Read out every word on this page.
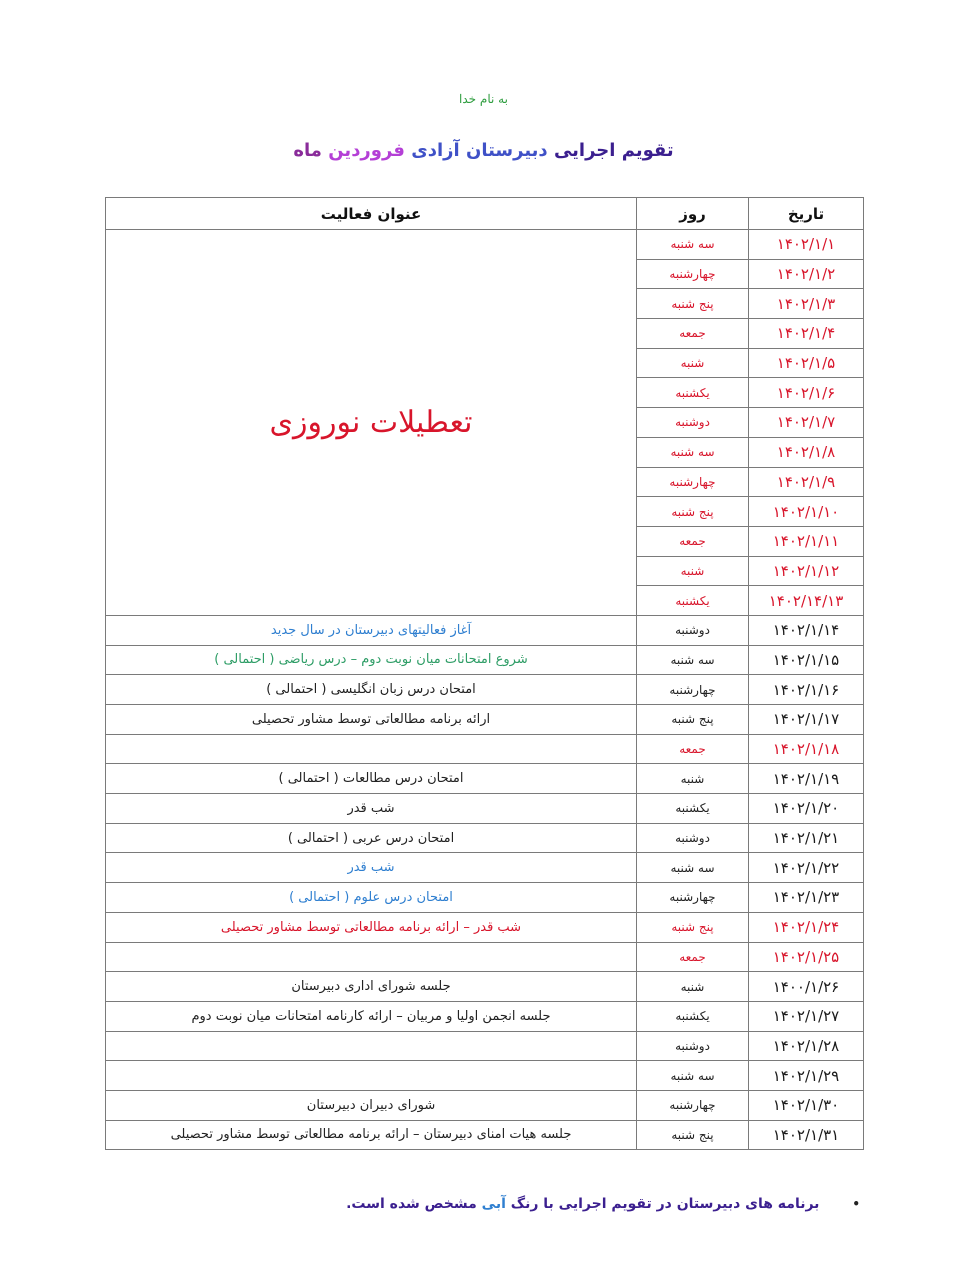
به نام خدا
تقویم اجرایی دبیرستان آزادی فروردین ماه
تاریخ	روز	عنوان فعالیت
۱۴۰۲/۱/۱	سه شنبه	تعطیلات نوروزی
۱۴۰۲/۱/۲	چهارشنبه	
۱۴۰۲/۱/۳	پنج شنبه	
۱۴۰۲/۱/۴	جمعه	
۱۴۰۲/۱/۵	شنبه	
۱۴۰۲/۱/۶	یکشنبه	
۱۴۰۲/۱/۷	دوشنبه	
۱۴۰۲/۱/۸	سه شنبه	
۱۴۰۲/۱/۹	چهارشنبه	
۱۴۰۲/۱/۱۰	پنج شنبه	
۱۴۰۲/۱/۱۱	جمعه	
۱۴۰۲/۱/۱۲	شنبه	
۱۴۰۲/۱۴/۱۳	یکشنبه	
۱۴۰۲/۱/۱۴	دوشنبه	آغاز فعالیتهای دبیرستان در سال جدید
۱۴۰۲/۱/۱۵	سه شنبه	شروع امتحانات میان نوبت دوم – درس ریاضی ( احتمالی )
۱۴۰۲/۱/۱۶	چهارشنبه	امتحان درس زبان انگلیسی ( احتمالی )
۱۴۰۲/۱/۱۷	پنج شنبه	ارائه برنامه مطالعاتی توسط مشاور تحصیلی
۱۴۰۲/۱/۱۸	جمعه	
۱۴۰۲/۱/۱۹	شنبه	امتحان درس مطالعات ( احتمالی )
۱۴۰۲/۱/۲۰	یکشنبه	شب قدر
۱۴۰۲/۱/۲۱	دوشنبه	امتحان درس عربی ( احتمالی )
۱۴۰۲/۱/۲۲	سه شنبه	شب قدر
۱۴۰۲/۱/۲۳	چهارشنبه	امتحان درس علوم ( احتمالی )
۱۴۰۲/۱/۲۴	پنج شنبه	شب قدر – ارائه برنامه مطالعاتی توسط مشاور تحصیلی
۱۴۰۲/۱/۲۵	جمعه	
۱۴۰۰/۱/۲۶	شنبه	جلسه شورای اداری دبیرستان
۱۴۰۲/۱/۲۷	یکشنبه	جلسه انجمن اولیا و مربیان – ارائه کارنامه امتحانات میان نوبت دوم
۱۴۰۲/۱/۲۸	دوشنبه	
۱۴۰۲/۱/۲۹	سه شنبه	
۱۴۰۲/۱/۳۰	چهارشنبه	شورای دبیران دبیرستان
۱۴۰۲/۱/۳۱	پنج شنبه	جلسه هیات امنای دبیرستان – ارائه برنامه مطالعاتی توسط مشاور تحصیلی
• برنامه های دبیرستان در تقویم اجرایی با رنگ آبی مشخص شده است.
